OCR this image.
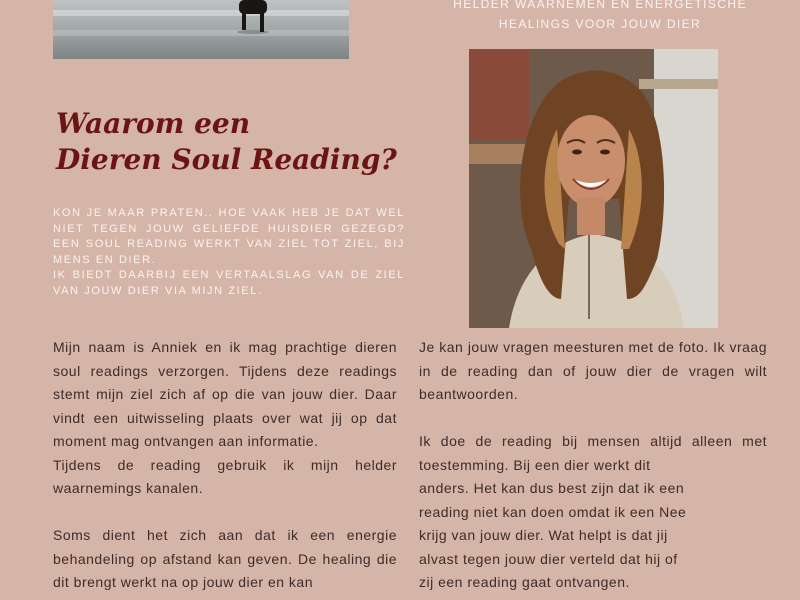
HELDER WAARNEMEN EN ENERGETISCHE
HEALINGS VOOR JOUW DIER
Waarom een
Dieren Soul Reading?

KON JE MAAR PRATEN.. HOE VAAK HEB JE DAT WEL NIET TEGEN JOUW GELIEFDE HUISDIER GEZEGD? EEN SOUL READING WERKT VAN ZIEL TOT ZIEL, BIJ MENS EN DIER.

IK BIEDT DAARBIJ EEN VERTAALSLAG VAN DE ZIEL VAN JOUW DIER VIA MIJN ZIEL.

Mijn naam is Anniek en ik mag prachtige dieren soul readings verzorgen. Tijdens deze readings stemt mijn ziel zich af op die van jouw dier. Daar vindt een uitwisseling plaats over wat jij op dat moment mag ontvangen aan informatie.

Tijdens de reading gebruik ik mijn helder waarnemings kanalen.

Soms dient het zich aan dat ik een energie behandeling op afstand kan geven. De healing die dit brengt werkt na op jouw dier en kan

Je kan jouw vragen meesturen met de foto. Ik vraag in de reading dan of jouw dier de vragen wilt beantwoorden.

Ik doe de reading bij mensen altijd alleen met toestemming. Bij een dier werkt dit

anders. Het kan dus best zijn dat ik een

reading niet kan doen omdat ik een Nee

krijg van jouw dier. Wat helpt is dat jij

alvast tegen jouw dier verteld dat hij of

zij een reading gaat ontvangen.
